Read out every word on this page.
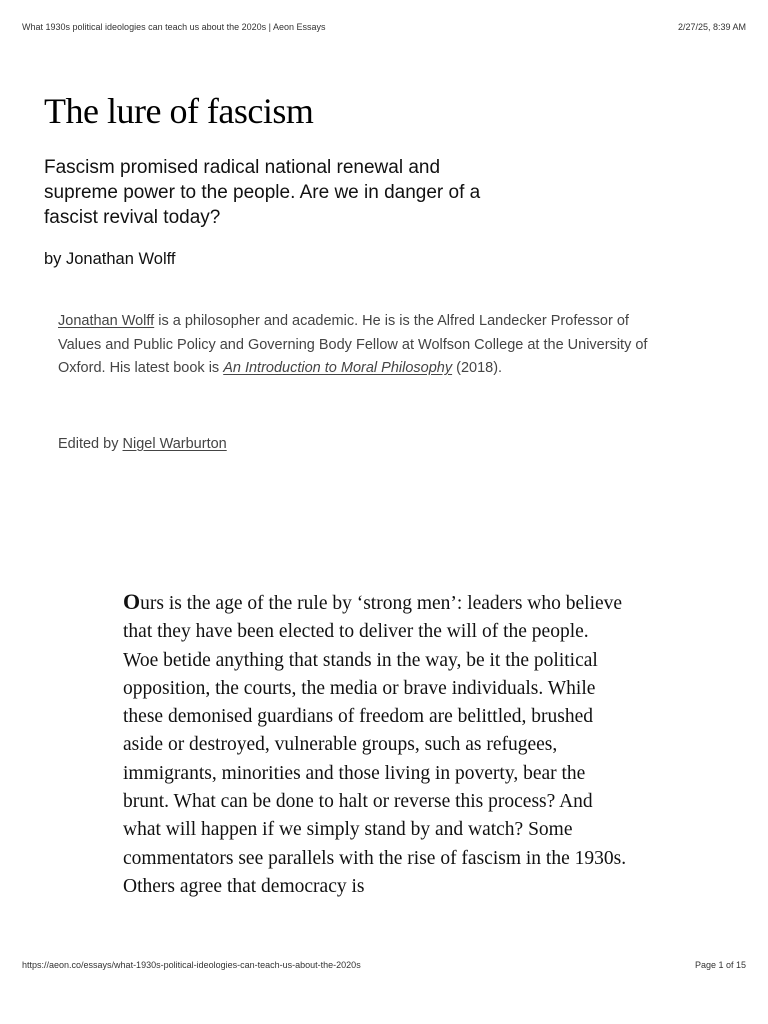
What 1930s political ideologies can teach us about the 2020s | Aeon Essays	2/27/25, 8:39 AM
The lure of fascism

Fascism promised radical national renewal and supreme power to the people. Are we in danger of a fascist revival today?

by Jonathan Wolff

Jonathan Wolff is a philosopher and academic. He is is the Alfred Landecker Professor of Values and Public Policy and Governing Body Fellow at Wolfson College at the University of Oxford. His latest book is An Introduction to Moral Philosophy (2018).

Edited by Nigel Warburton

Ours is the age of the rule by ‘strong men’: leaders who believe that they have been elected to deliver the will of the people. Woe betide anything that stands in the way, be it the political opposition, the courts, the media or brave individuals. While these demonised guardians of freedom are belittled, brushed aside or destroyed, vulnerable groups, such as refugees, immigrants, minorities and those living in poverty, bear the brunt. What can be done to halt or reverse this process? And what will happen if we simply stand by and watch? Some commentators see parallels with the rise of fascism in the 1930s. Others agree that democracy is

https://aeon.co/essays/what-1930s-political-ideologies-can-teach-us-about-the-2020s	Page 1 of 15
